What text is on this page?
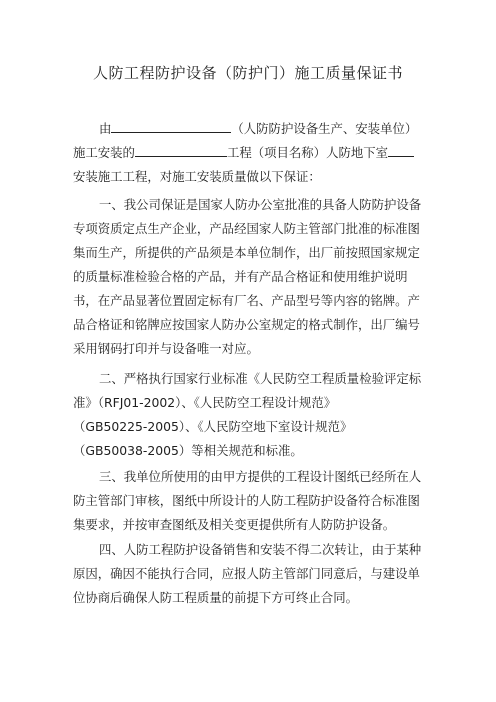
人防工程防护设备（防护门）施工质量保证书
由	（人防防护设备生产、安装单位）
施工安装的	工程（项目名称）人防地下室
安装施工工程，对施工安装质量做以下保证：
一、我公司保证是国家人防办公室批准的具备人防防护设备
专项资质定点生产企业，产品经国家人防主管部门批准的标准图
集而生产，所提供的产品须是本单位制作，出厂前按照国家规定
的质量标准检验合格的产品，并有产品合格证和使用维护说明
书，在产品显著位置固定标有厂名、产品型号等内容的铭牌。产
品合格证和铭牌应按国家人防办公室规定的格式制作，出厂编号
采用钢码打印并与设备唯一对应。
二、严格执行国家行业标准《人民防空工程质量检验评定标
准》（RFJ01-2002）、《人民防空工程设计规范》
（GB50225-2005）、《人民防空地下室设计规范》
（GB50038-2005）等相关规范和标准。
三、我单位所使用的由甲方提供的工程设计图纸已经所在人
防主管部门审核，图纸中所设计的人防工程防护设备符合标准图
集要求，并按审查图纸及相关变更提供所有人防防护设备。
四、人防工程防护设备销售和安装不得二次转让，由于某种
原因，确因不能执行合同，应报人防主管部门同意后，与建设单
位协商后确保人防工程质量的前提下方可终止合同。
